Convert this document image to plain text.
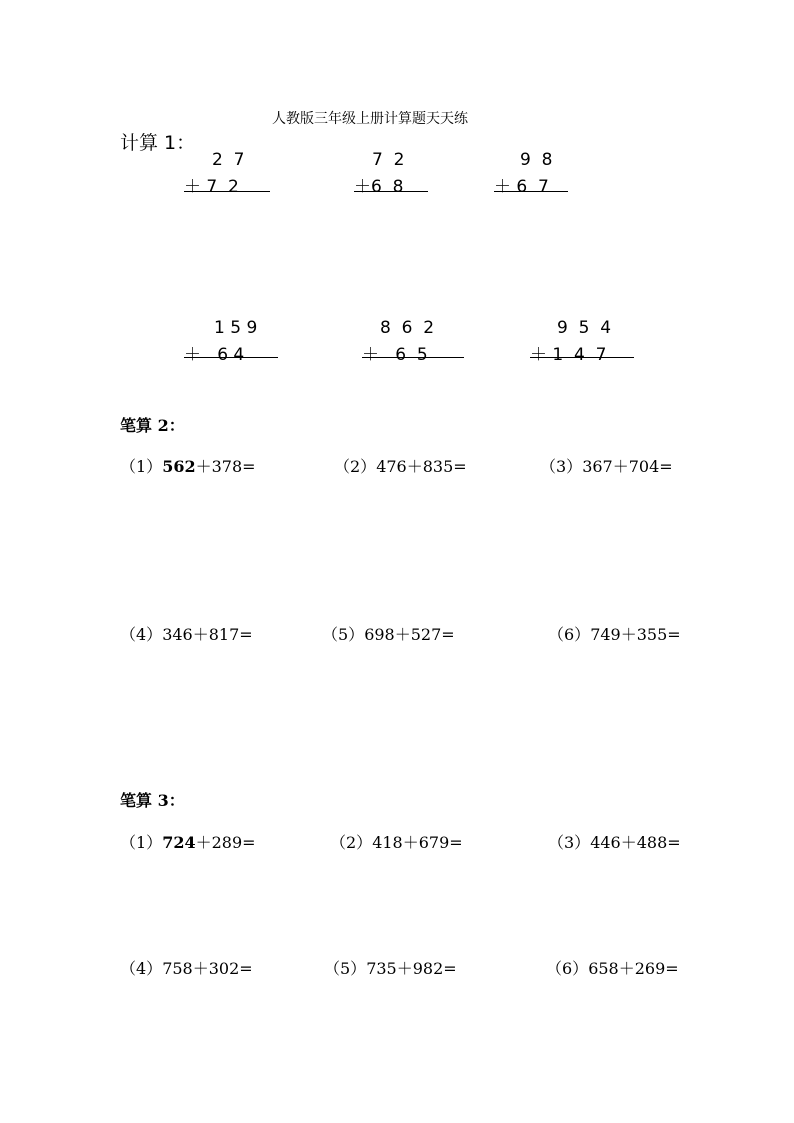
人教版三年级上册计算题天天练
计算 1：
2  7
＋ 7  2
7  2
＋6  8
9  8
＋ 6  7
1 5 9
＋   6 4
8  6  2
＋   6  5
9  5  4
＋ 1  4  7
笔算 2：
（1）562＋378=	（2）476＋835=	（3）367＋704=
（4）346＋817=	（5）698＋527=	（6）749＋355=
笔算 3：
（1）724＋289=	（2）418＋679=	（3）446＋488=
（4）758＋302=	（5）735＋982=	（6）658＋269=
